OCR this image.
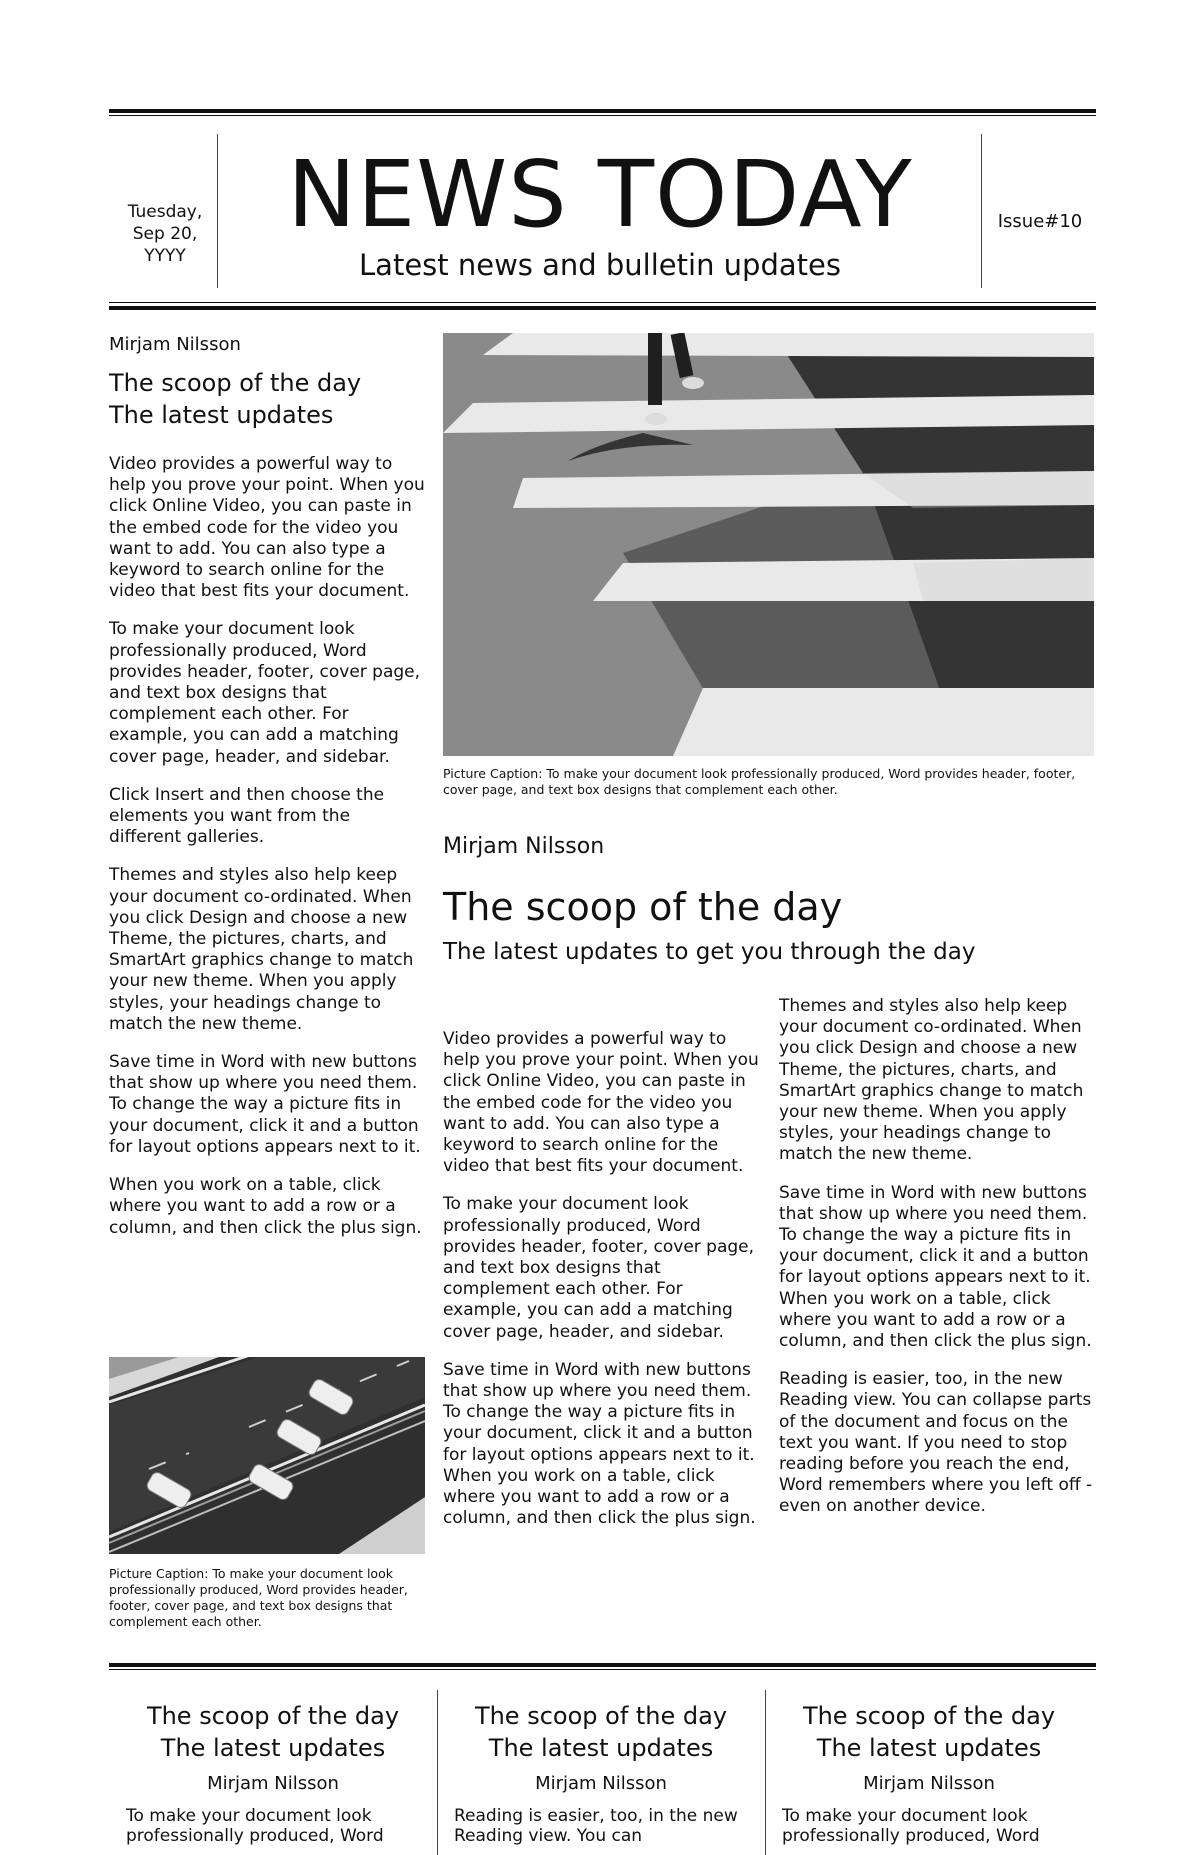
Tuesday, Sep 20, YYYY
NEWS TODAY
Latest news and bulletin updates
Issue#10
Mirjam Nilsson
The scoop of the day
The latest updates

Video provides a powerful way to help you prove your point. When you click Online Video, you can paste in the embed code for the video you want to add. You can also type a keyword to search online for the video that best fits your document.

To make your document look professionally produced, Word provides header, footer, cover page, and text box designs that complement each other. For example, you can add a matching cover page, header, and sidebar.

Click Insert and then choose the elements you want from the different galleries.

Themes and styles also help keep your document co-ordinated. When you click Design and choose a new Theme, the pictures, charts, and SmartArt graphics change to match your new theme. When you apply styles, your headings change to match the new theme.

Save time in Word with new buttons that show up where you need them. To change the way a picture fits in your document, click it and a button for layout options appears next to it.

When you work on a table, click where you want to add a row or a column, and then click the plus sign.

Picture Caption: To make your document look professionally produced, Word provides header, footer, cover page, and text box designs that complement each other.
Picture Caption: To make your document look professionally produced, Word provides header, footer, cover page, and text box designs that complement each other.
Mirjam Nilsson
The scoop of the day
The latest updates to get you through the day

Video provides a powerful way to help you prove your point. When you click Online Video, you can paste in the embed code for the video you want to add. You can also type a keyword to search online for the video that best fits your document.

To make your document look professionally produced, Word provides header, footer, cover page, and text box designs that complement each other. For example, you can add a matching cover page, header, and sidebar.

Save time in Word with new buttons that show up where you need them. To change the way a picture fits in your document, click it and a button for layout options appears next to it. When you work on a table, click where you want to add a row or a column, and then click the plus sign.

Themes and styles also help keep your document co-ordinated. When you click Design and choose a new Theme, the pictures, charts, and SmartArt graphics change to match your new theme. When you apply styles, your headings change to match the new theme.

Save time in Word with new buttons that show up where you need them. To change the way a picture fits in your document, click it and a button for layout options appears next to it. When you work on a table, click where you want to add a row or a column, and then click the plus sign.

Reading is easier, too, in the new Reading view. You can collapse parts of the document and focus on the text you want. If you need to stop reading before you reach the end, Word remembers where you left off - even on another device.

The scoop of the day
The latest updates
Mirjam Nilsson
To make your document look professionally produced, Word
The scoop of the day
The latest updates
Mirjam Nilsson
Reading is easier, too, in the new Reading view. You can
The scoop of the day
The latest updates
Mirjam Nilsson
To make your document look professionally produced, Word
